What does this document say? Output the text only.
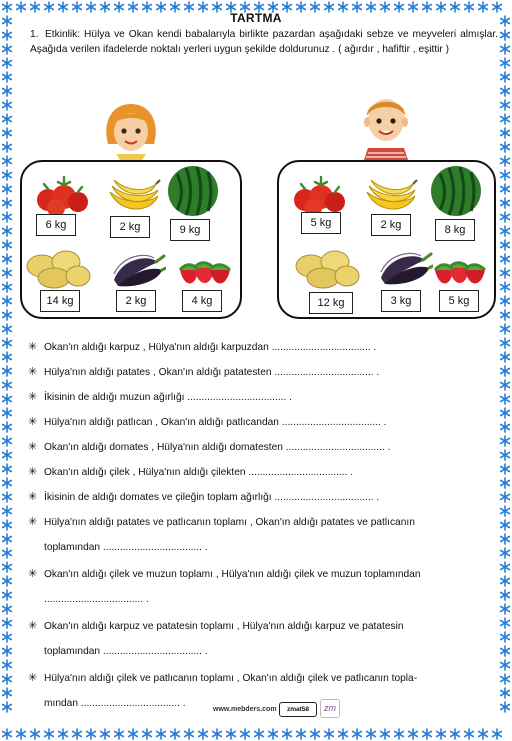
TARTMA
1. Etkinlik: Hülya ve Okan kendi babalarıyla birlikte pazardan aşağıdaki sebze ve meyveleri almışlar. Aşağıda verilen ifadelerde noktalı yerleri uygun şekilde doldurunuz . ( ağırdır , hafiftir , eşittir )
6 kg	2 kg	9 kg
14 kg	2 kg	4 kg
5 kg	2 kg	8 kg
12 kg	3 kg	5 kg
✳ Okan'ın aldığı karpuz , Hülya'nın aldığı karpuzdan ................................... .
✳ Hülya'nın aldığı patates , Okan'ın aldığı patatesten ................................... .
✳ İkisinin de aldığı muzun ağırlığı ................................... .
✳ Hülya'nın aldığı patlıcan , Okan'ın aldığı patlıcandan ................................... .
✳ Okan'ın aldığı domates , Hülya'nın aldığı domatesten ................................... .
✳ Okan'ın aldığı çilek , Hülya'nın aldığı çilekten ................................... .
✳ İkisinin de aldığı domates ve çileğin toplam ağırlığı ................................... .
✳ Hülya'nın aldığı patates ve patlıcanın toplamı , Okan'ın aldığı patates ve patlıcanın
toplamından ................................... .
✳ Okan'ın aldığı çilek ve muzun toplamı , Hülya'nın aldığı çilek ve muzun toplamından
................................... .
✳ Okan'ın aldığı karpuz ve patatesin toplamı , Hülya'nın aldığı karpuz ve patatesin
toplamından ................................... .
✳ Hülya'nın aldığı çilek ve patlıcanın toplamı , Okan'ın aldığı çilek ve patlıcanın topla-
mından ................................... .
www.mebders.com	zmat58	zm
